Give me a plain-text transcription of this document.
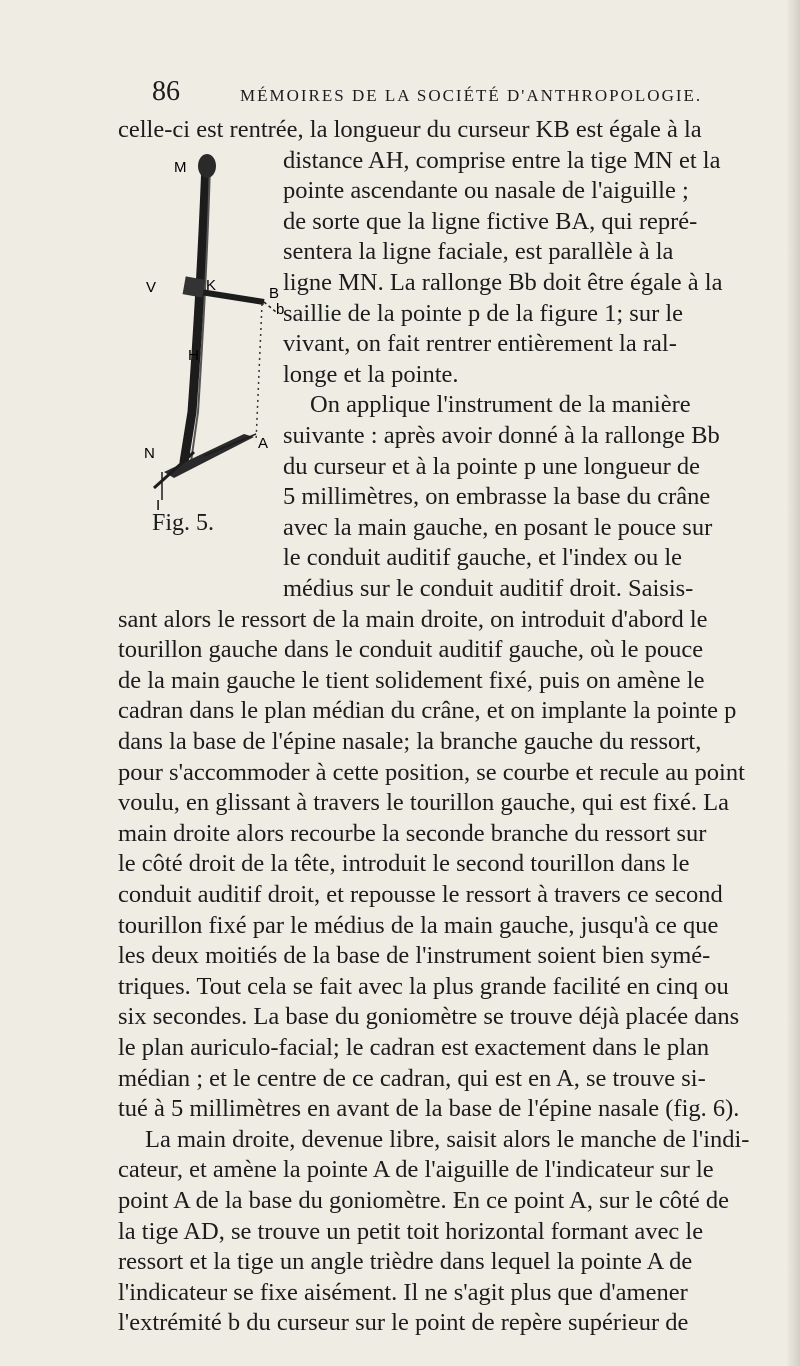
86	MÉMOIRES DE LA SOCIÉTÉ D'ANTHROPOLOGIE.
M
V	K	B
b
H
N
A
I
Fig. 5.
celle-ci est rentrée, la longueur du curseur KB est égale à la
distance AH, comprise entre la tige MN et la
pointe ascendante ou nasale de l'aiguille ;
de sorte que la ligne fictive BA, qui repré-
sentera la ligne faciale, est parallèle à la
ligne MN. La rallonge Bb doit être égale à la
saillie de la pointe p de la figure 1; sur le
vivant, on fait rentrer entièrement la ral-
longe et la pointe.
On applique l'instrument de la manière
suivante : après avoir donné à la rallonge Bb
du curseur et à la pointe p une longueur de
5 millimètres, on embrasse la base du crâne
avec la main gauche, en posant le pouce sur
le conduit auditif gauche, et l'index ou le
médius sur le conduit auditif droit. Saisis-
sant alors le ressort de la main droite, on introduit d'abord le
tourillon gauche dans le conduit auditif gauche, où le pouce
de la main gauche le tient solidement fixé, puis on amène le
cadran dans le plan médian du crâne, et on implante la pointe p
dans la base de l'épine nasale; la branche gauche du ressort,
pour s'accommoder à cette position, se courbe et recule au point
voulu, en glissant à travers le tourillon gauche, qui est fixé. La
main droite alors recourbe la seconde branche du ressort sur
le côté droit de la tête, introduit le second tourillon dans le
conduit auditif droit, et repousse le ressort à travers ce second
tourillon fixé par le médius de la main gauche, jusqu'à ce que
les deux moitiés de la base de l'instrument soient bien symé-
triques. Tout cela se fait avec la plus grande facilité en cinq ou
six secondes. La base du goniomètre se trouve déjà placée dans
le plan auriculo-facial; le cadran est exactement dans le plan
médian ; et le centre de ce cadran, qui est en A, se trouve si-
tué à 5 millimètres en avant de la base de l'épine nasale (fig. 6).
La main droite, devenue libre, saisit alors le manche de l'indi-
cateur, et amène la pointe A de l'aiguille de l'indicateur sur le
point A de la base du goniomètre. En ce point A, sur le côté de
la tige AD, se trouve un petit toit horizontal formant avec le
ressort et la tige un angle trièdre dans lequel la pointe A de
l'indicateur se fixe aisément. Il ne s'agit plus que d'amener
l'extrémité b du curseur sur le point de repère supérieur de
